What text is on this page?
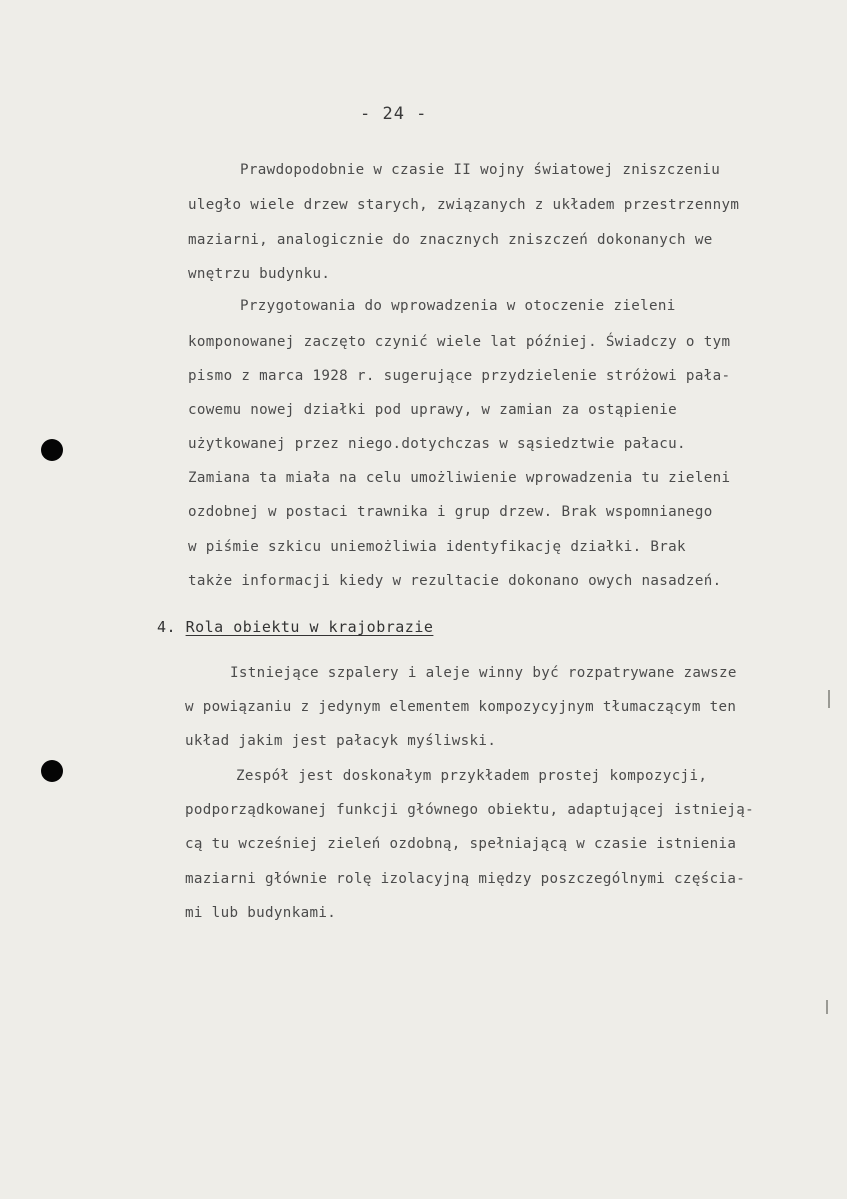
- 24 -
Prawdopodobnie w czasie II wojny światowej zniszczeniu
uległo wiele drzew starych, związanych z układem przestrzennym
maziarni, analogicznie do znacznych zniszczeń dokonanych we
wnętrzu budynku.
Przygotowania do wprowadzenia w otoczenie zieleni
komponowanej zaczęto czynić wiele lat później. Świadczy o tym
pismo z marca 1928 r. sugerujące przydzielenie stróżowi pała-
cowemu nowej działki pod uprawy, w zamian za ostąpienie
użytkowanej przez niego.dotychczas w sąsiedztwie pałacu.
Zamiana ta miała na celu umożliwienie wprowadzenia tu zieleni
ozdobnej w postaci trawnika i grup drzew. Brak wspomnianego
w piśmie szkicu uniemożliwia identyfikację działki. Brak
także informacji kiedy w rezultacie dokonano owych nasadzeń.
4. Rola obiektu w krajobrazie
Istniejące szpalery i aleje winny być rozpatrywane zawsze
w powiązaniu z jedynym elementem kompozycyjnym tłumaczącym ten
układ jakim jest pałacyk myśliwski.
Zespół jest doskonałym przykładem prostej kompozycji,
podporządkowanej funkcji głównego obiektu, adaptującej istnieją-
cą tu wcześniej zieleń ozdobną, spełniającą w czasie istnienia
maziarni głównie rolę izolacyjną między poszczególnymi częścia-
mi lub budynkami.
